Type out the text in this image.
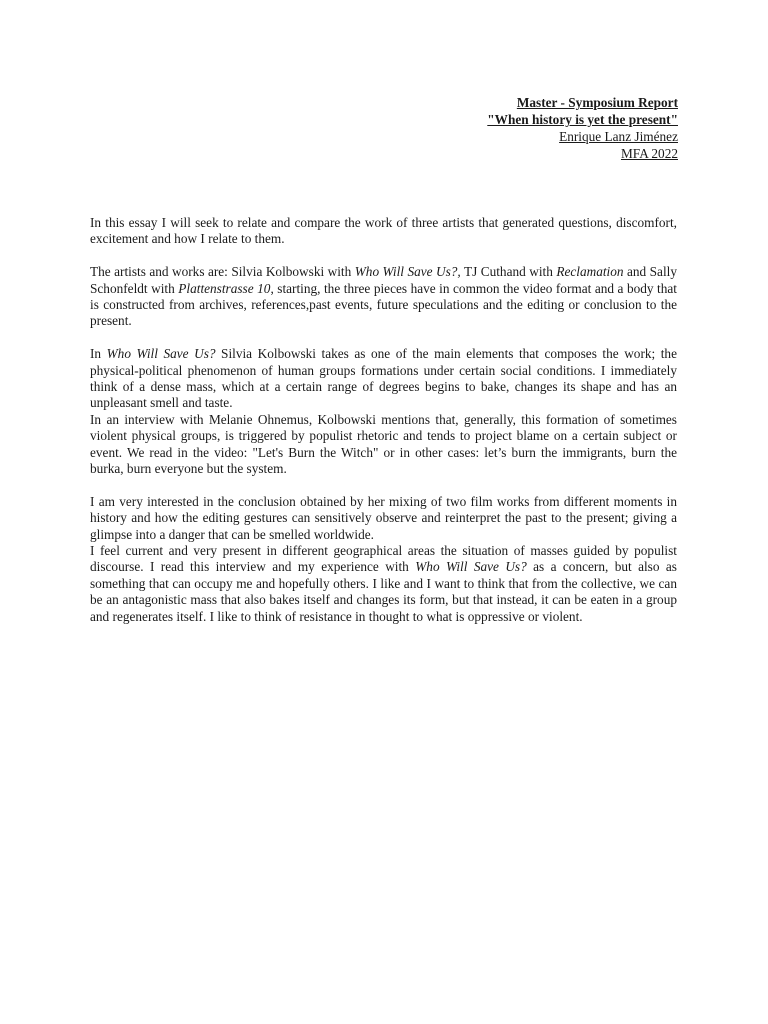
Master - Symposium Report
"When history is yet the present"
Enrique Lanz Jiménez
MFA 2022

In this essay I will seek to relate and compare the work of three artists that generated questions, discomfort, excitement and how I relate to them.

The artists and works are: Silvia Kolbowski with Who Will Save Us?, TJ Cuthand with Reclamation and Sally Schonfeldt with Plattenstrasse 10, starting, the three pieces have in common the video format and a body that is constructed from archives, references,past events, future speculations and the editing or conclusion to the present.

In Who Will Save Us? Silvia Kolbowski takes as one of the main elements that composes the work; the physical-political phenomenon of human groups formations under certain social conditions. I immediately think of a dense mass, which at a certain range of degrees begins to bake, changes its shape and has an unpleasant smell and taste.

In an interview with Melanie Ohnemus, Kolbowski mentions that, generally, this formation of sometimes violent physical groups, is triggered by populist rhetoric and tends to project blame on a certain subject or event. We read in the video: "Let's Burn the Witch" or in other cases: let’s burn the immigrants, burn the burka, burn everyone but the system.

I am very interested in the conclusion obtained by her mixing of two film works from different moments in history and how the editing gestures can sensitively observe and reinterpret the past to the present; giving a glimpse into a danger that can be smelled worldwide.

I feel current and very present in different geographical areas the situation of masses guided by populist discourse. I read this interview and my experience with Who Will Save Us? as a concern, but also as something that can occupy me and hopefully others. I like and I want to think that from the collective, we can be an antagonistic mass that also bakes itself and changes its form, but that instead, it can be eaten in a group and regenerates itself. I like to think of resistance in thought to what is oppressive or violent.
